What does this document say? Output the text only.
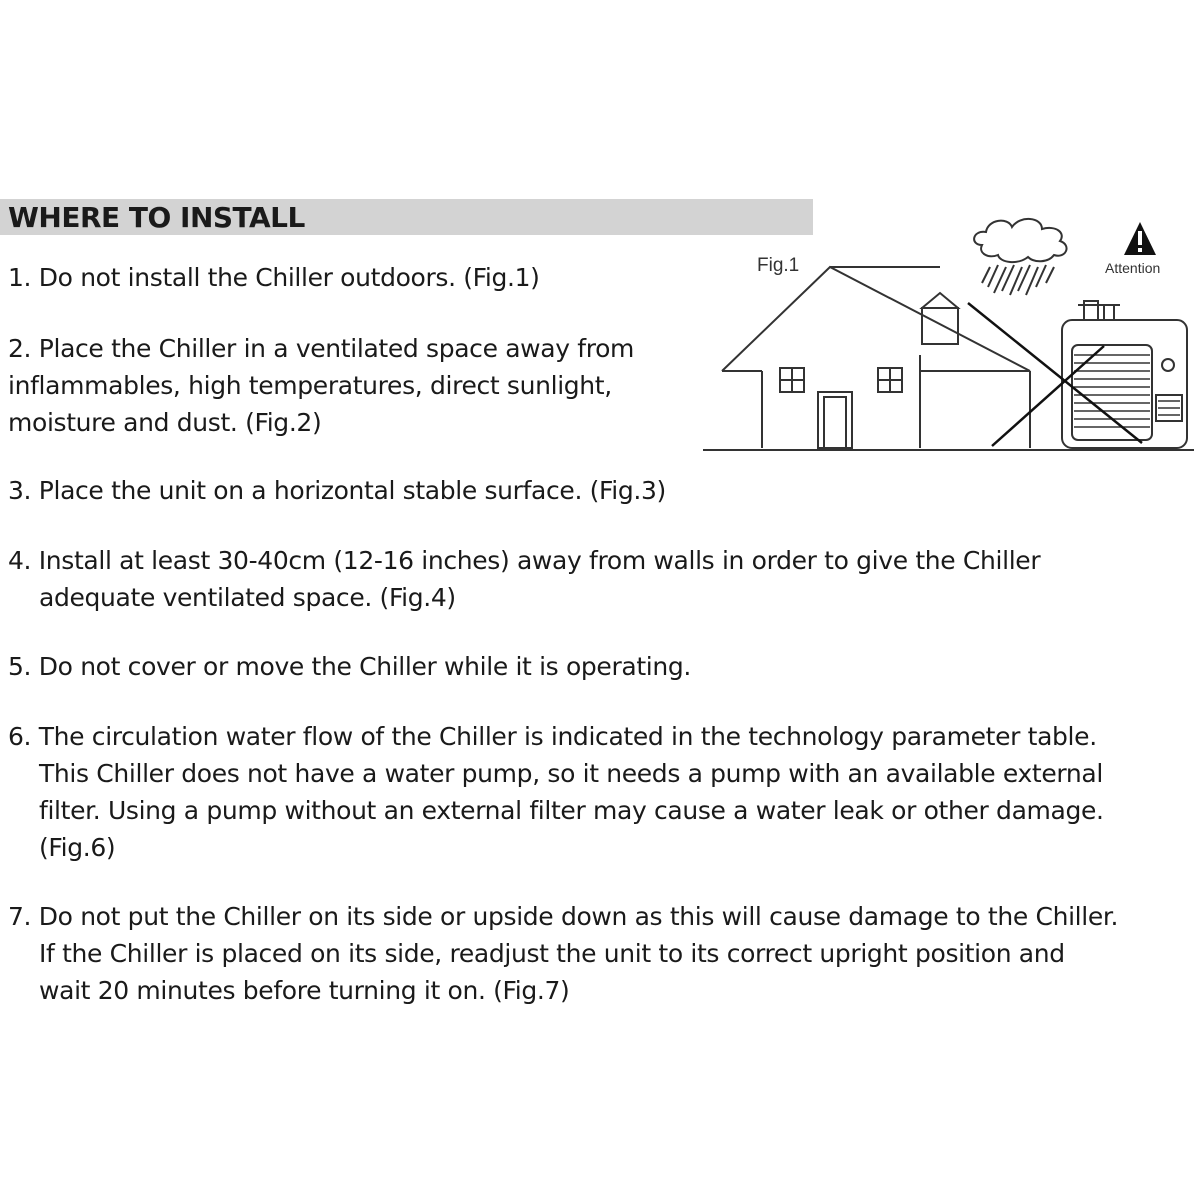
WHERE TO INSTALL
1. Do not install the Chiller outdoors. (Fig.1)
2. Place the Chiller in a ventilated space away from
inflammables, high temperatures, direct sunlight,
moisture and dust. (Fig.2)
3. Place the unit on a horizontal stable surface. (Fig.3)
4. Install at least 30-40cm (12-16 inches) away from walls in order to give the Chiller
adequate ventilated space. (Fig.4)
5. Do not cover or move the Chiller while it is operating.
6. The circulation water flow of the Chiller is indicated in the technology parameter table.
This Chiller does not have a water pump, so it needs a pump with an available external
filter. Using a pump without an external filter may cause a water leak or other damage.
(Fig.6)
7. Do not put the Chiller on its side or upside down as this will cause damage to the Chiller.
If the Chiller is placed on its side, readjust the unit to its correct upright position and
wait 20 minutes before turning it on. (Fig.7)
Fig.1	Attention
